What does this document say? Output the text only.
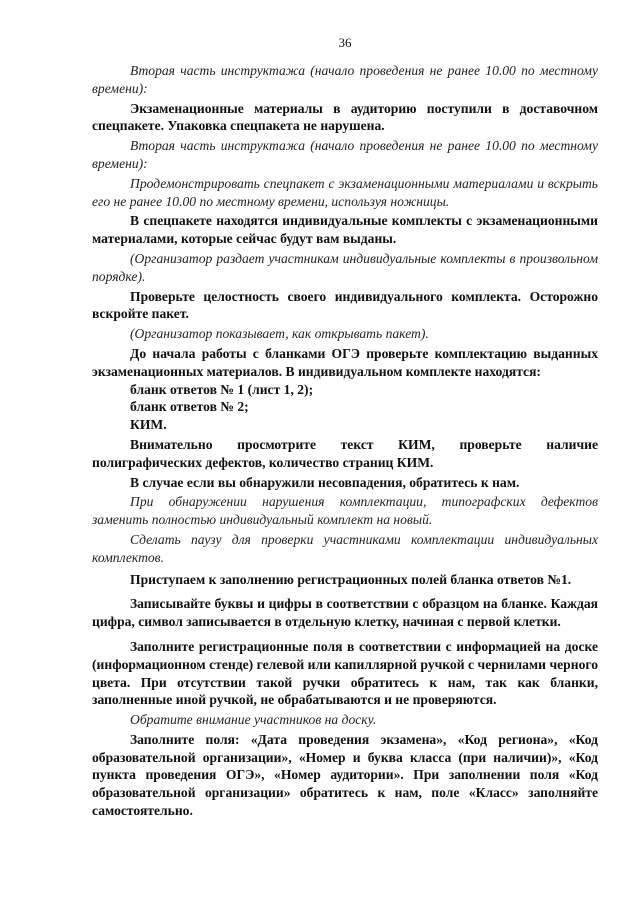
36

Вторая часть инструктажа (начало проведения не ранее 10.00 по местному времени):

Экзаменационные материалы в аудиторию поступили в доставочном спецпакете. Упаковка спецпакета не нарушена.

Вторая часть инструктажа (начало проведения не ранее 10.00 по местному времени):

Продемонстрировать спецпакет с экзаменационными материалами и вскрыть его не ранее 10.00 по местному времени, используя ножницы.

В спецпакете находятся индивидуальные комплекты с экзаменационными материалами, которые сейчас будут вам выданы.

(Организатор раздает участникам индивидуальные комплекты в произвольном порядке).

Проверьте целостность своего индивидуального комплекта. Осторожно вскройте пакет.

(Организатор показывает, как открывать пакет).

До начала работы с бланками ОГЭ проверьте комплектацию выданных экзаменационных материалов. В индивидуальном комплекте находятся:

бланк ответов № 1 (лист 1, 2);

бланк ответов № 2;

КИМ.

Внимательно просмотрите текст КИМ, проверьте наличие полиграфических дефектов, количество страниц КИМ.

В случае если вы обнаружили несовпадения, обратитесь к нам.

При обнаружении нарушения комплектации, типографских дефектов заменить полностью индивидуальный комплект на новый.

Сделать паузу для проверки участниками комплектации индивидуальных комплектов.

Приступаем к заполнению регистрационных полей бланка ответов №1.

Записывайте буквы и цифры в соответствии с образцом на бланке. Каждая цифра, символ записывается в отдельную клетку, начиная с первой клетки.

Заполните регистрационные поля в соответствии с информацией на доске (информационном стенде) гелевой или капиллярной ручкой с чернилами черного цвета. При отсутствии такой ручки обратитесь к нам, так как бланки, заполненные иной ручкой, не обрабатываются и не проверяются.

Обратите внимание участников на доску.

Заполните поля: «Дата проведения экзамена», «Код региона», «Код образовательной организации», «Номер и буква класса (при наличии)», «Код пункта проведения ОГЭ», «Номер аудитории». При заполнении поля «Код образовательной организации» обратитесь к нам, поле «Класс» заполняйте самостоятельно.
